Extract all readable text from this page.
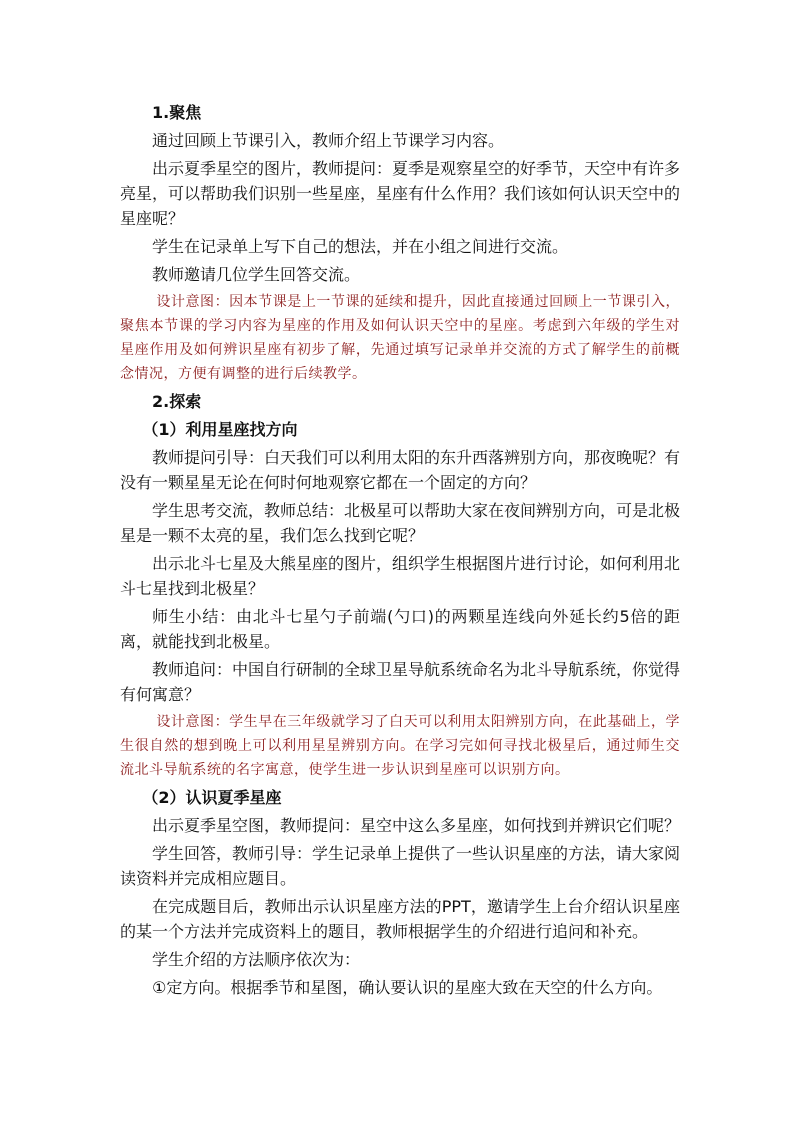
1.聚焦

通过回顾上节课引入，教师介绍上节课学习内容。

出示夏季星空的图片，教师提问：夏季是观察星空的好季节，天空中有许多亮星，可以帮助我们识别一些星座，星座有什么作用？我们该如何认识天空中的星座呢？

学生在记录单上写下自己的想法，并在小组之间进行交流。

教师邀请几位学生回答交流。

设计意图：因本节课是上一节课的延续和提升，因此直接通过回顾上一节课引入，聚焦本节课的学习内容为星座的作用及如何认识天空中的星座。考虑到六年级的学生对星座作用及如何辨识星座有初步了解，先通过填写记录单并交流的方式了解学生的前概念情况，方便有调整的进行后续教学。

2.探索

（1）利用星座找方向

教师提问引导：白天我们可以利用太阳的东升西落辨别方向，那夜晚呢？有没有一颗星星无论在何时何地观察它都在一个固定的方向？

学生思考交流，教师总结：北极星可以帮助大家在夜间辨别方向，可是北极星是一颗不太亮的星，我们怎么找到它呢？

出示北斗七星及大熊星座的图片，组织学生根据图片进行讨论，如何利用北斗七星找到北极星？

师生小结：由北斗七星勺子前端(勺口)的两颗星连线向外延长约5倍的距离，就能找到北极星。

教师追问：中国自行研制的全球卫星导航系统命名为北斗导航系统，你觉得有何寓意？

设计意图：学生早在三年级就学习了白天可以利用太阳辨别方向，在此基础上，学生很自然的想到晚上可以利用星星辨别方向。在学习完如何寻找北极星后，通过师生交流北斗导航系统的名字寓意，使学生进一步认识到星座可以识别方向。

（2）认识夏季星座

出示夏季星空图，教师提问：星空中这么多星座，如何找到并辨识它们呢？

学生回答，教师引导：学生记录单上提供了一些认识星座的方法，请大家阅读资料并完成相应题目。

在完成题目后，教师出示认识星座方法的PPT，邀请学生上台介绍认识星座的某一个方法并完成资料上的题目，教师根据学生的介绍进行追问和补充。

学生介绍的方法顺序依次为：

①定方向。根据季节和星图，确认要认识的星座大致在天空的什么方向。
